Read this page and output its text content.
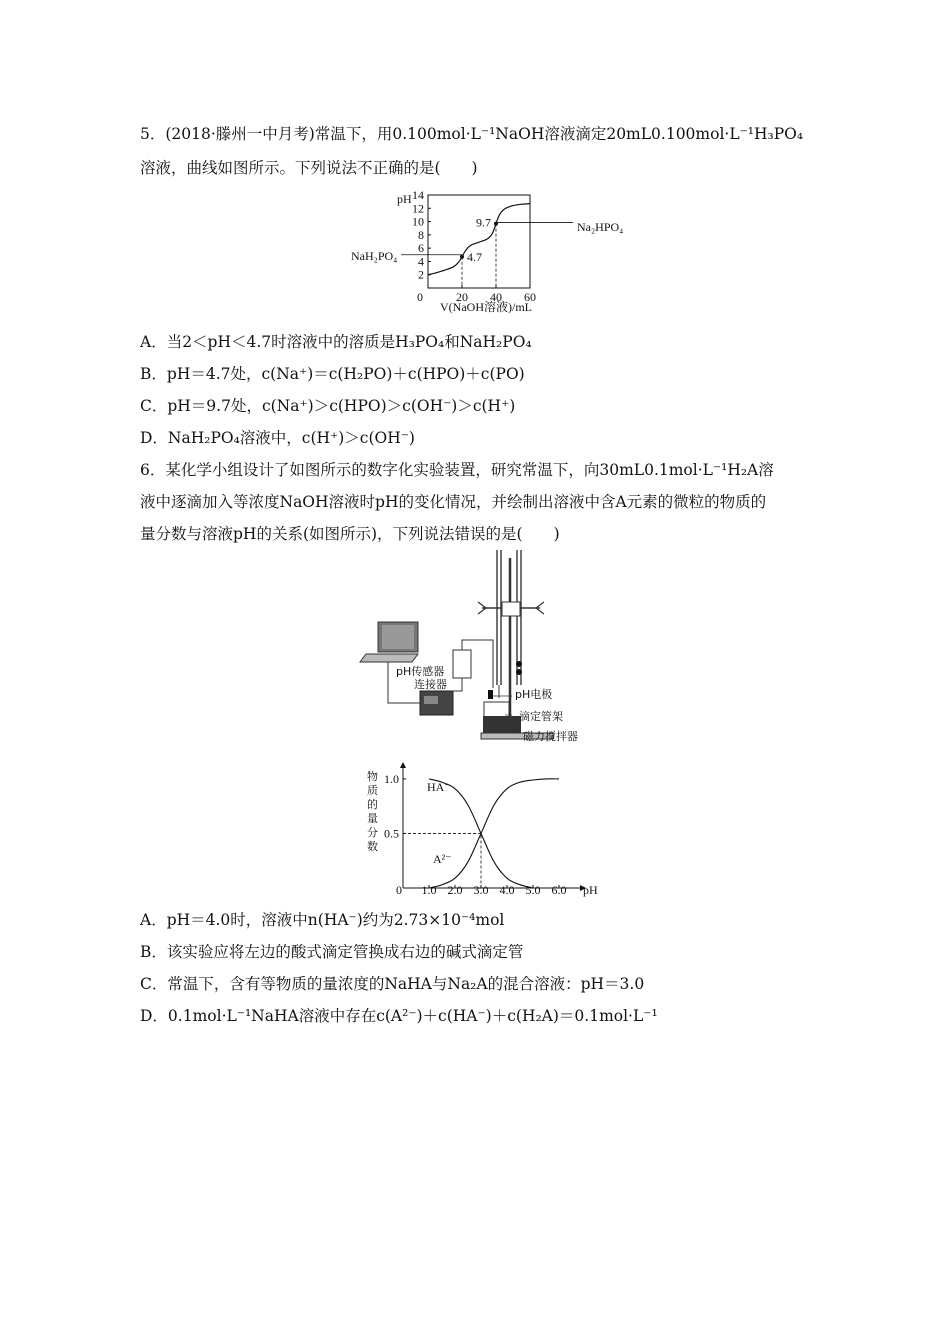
5．(2018·滕州一中月考)常温下，用0.100mol·L⁻¹NaOH溶液滴定20mL0.100mol·L⁻¹H₃PO₄
溶液，曲线如图所示。下列说法不正确的是(　　)
pH
2
4
6
8
10
12
14
0	20 40 60
9.7
4.7
Na₂HPO₄
NaH₂PO₄
V(NaOH溶液)/mL
A．当2＜pH＜4.7时溶液中的溶质是H₃PO₄和NaH₂PO₄
B．pH＝4.7处，c(Na⁺)＝c(H₂PO)＋c(HPO)＋c(PO)
C．pH＝9.7处，c(Na⁺)＞c(HPO)＞c(OH⁻)＞c(H⁺)
D．NaH₂PO₄溶液中，c(H⁺)＞c(OH⁻)
6．某化学小组设计了如图所示的数字化实验装置，研究常温下，向30mL0.1mol·L⁻¹H₂A溶
液中逐滴加入等浓度NaOH溶液时pH的变化情况，并绘制出溶液中含A元素的微粒的物质的
量分数与溶液pH的关系(如图所示)，下列说法错误的是(　　)
pH传感器
连接器
pH电极
滴定管架
磁力搅拌器
物
质
的
量
分
数
0.5
1.0
0 1.0 2.0 3.0 4.0 5.0 6.0
HA⁻
A²⁻
pH
A．pH＝4.0时，溶液中n(HA⁻)约为2.73×10⁻⁴mol
B．该实验应将左边的酸式滴定管换成右边的碱式滴定管
C．常温下，含有等物质的量浓度的NaHA与Na₂A的混合溶液：pH＝3.0
D．0.1mol·L⁻¹NaHA溶液中存在c(A²⁻)＋c(HA⁻)＋c(H₂A)＝0.1mol·L⁻¹
